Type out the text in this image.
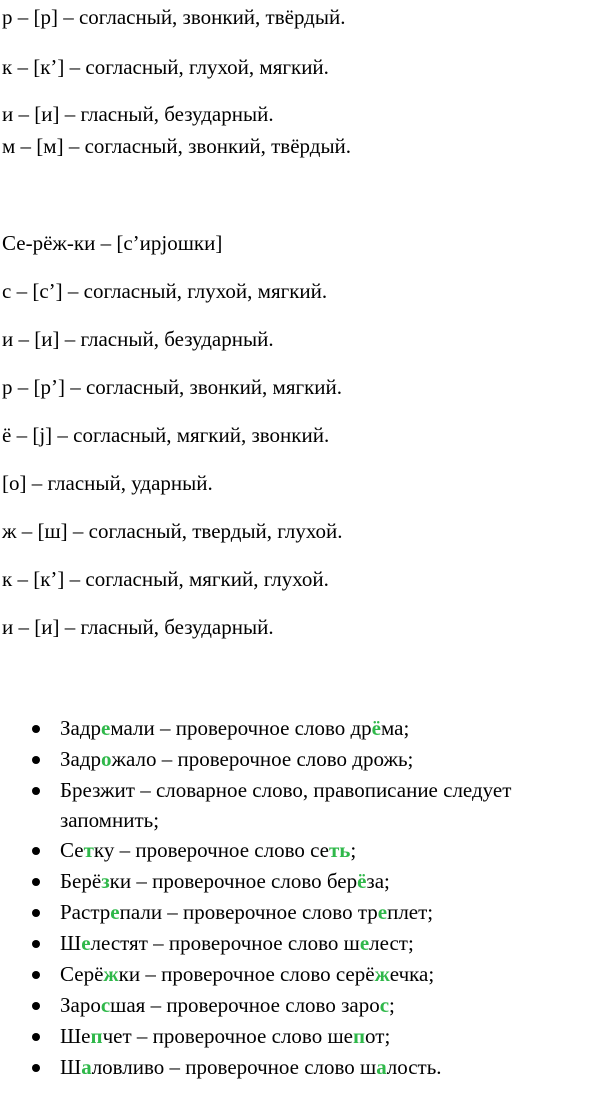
р – [р] – согласный, звонкий, твёрдый.
к – [к’] – согласный, глухой, мягкий.
и – [и] – гласный, безударный.
м – [м] – согласный, звонкий, твёрдый.
Се-рёж-ки – [с’ирjошки]
с – [с’] – согласный, глухой, мягкий.
и – [и] – гласный, безударный.
р – [р’] – согласный, звонкий, мягкий.
ё – [j] – согласный, мягкий, звонкий.
[о] – гласный, ударный.
ж – [ш] – согласный, твердый, глухой.
к – [к’] – согласный, мягкий, глухой.
и – [и] – гласный, безударный.
Задремали – проверочное слово дрёма;
Задрожало – проверочное слово дрожь;
Брезжит – словарное слово, правописание следует запомнить;
Сетку – проверочное слово сеть;
Берёзки – проверочное слово берёза;
Растрепали – проверочное слово треплет;
Шелестят – проверочное слово шелест;
Серёжки – проверочное слово серёжечка;
Заросшая – проверочное слово зарос;
Шепчет – проверочное слово шепот;
Шаловливо – проверочное слово шалость.
